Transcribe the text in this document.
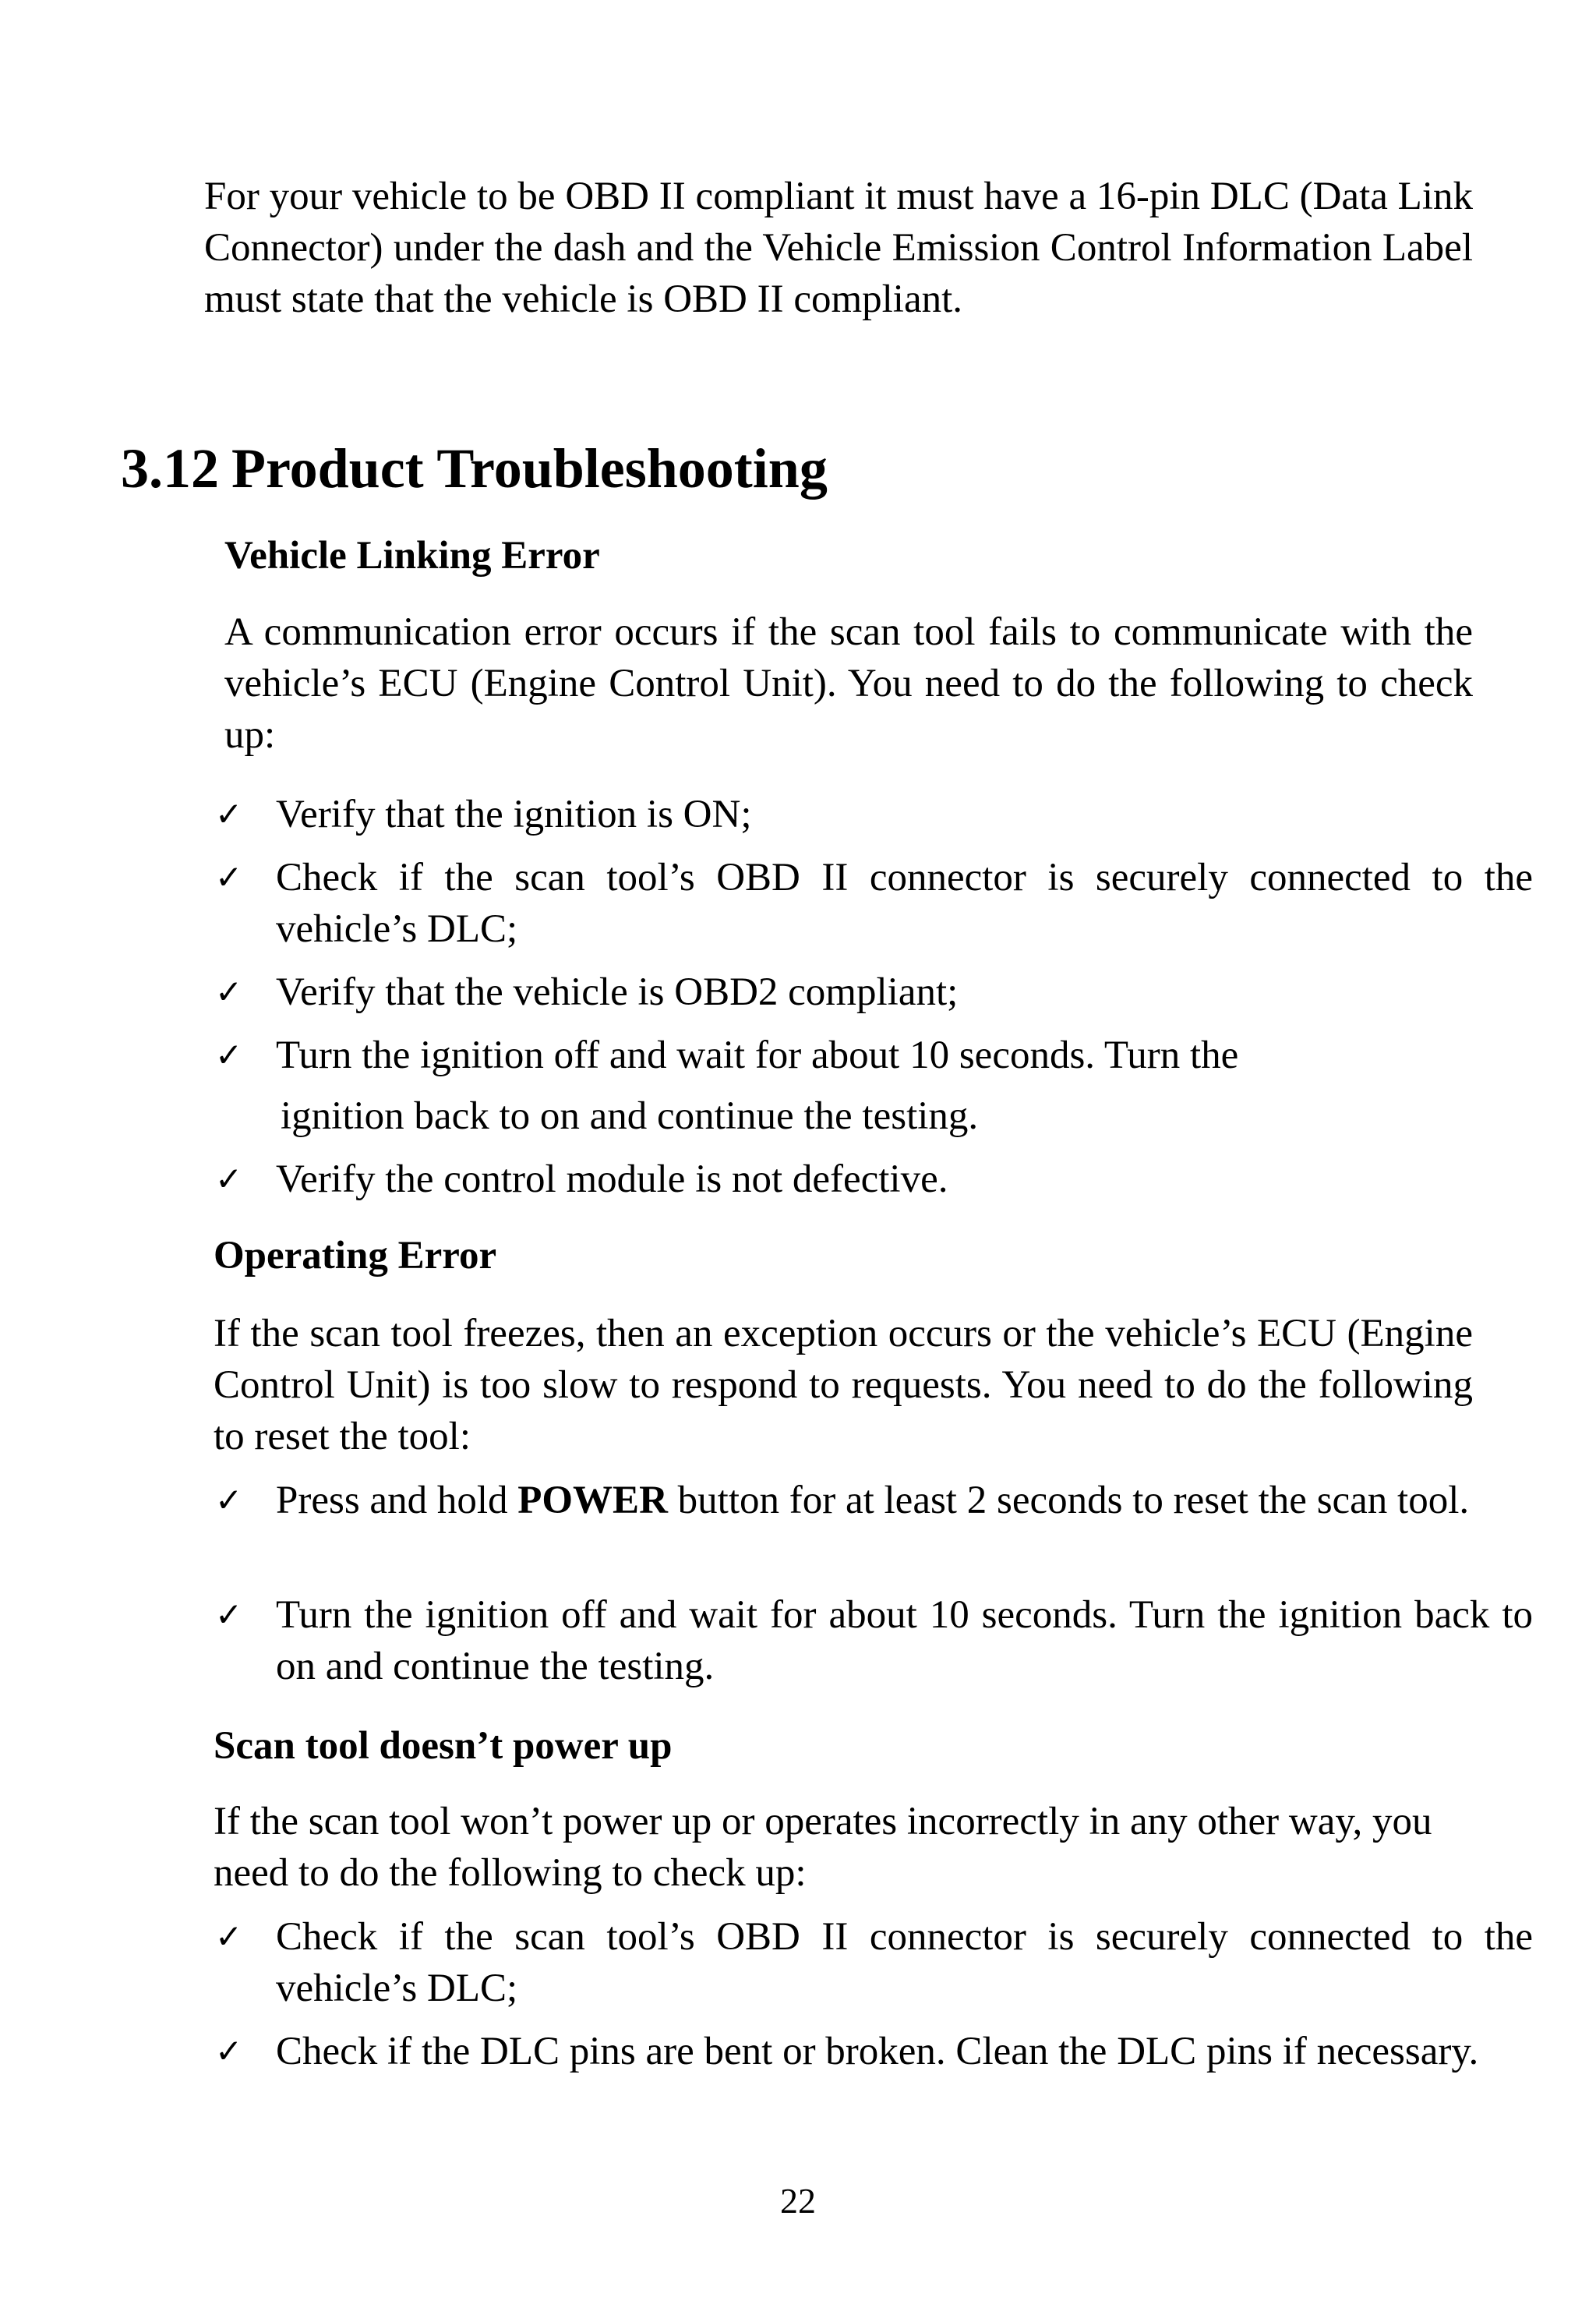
For your vehicle to be OBD II compliant it must have a 16-pin DLC (Data Link Connector) under the dash and the Vehicle Emission Control Information Label must state that the vehicle is OBD II compliant.

3.12 Product Troubleshooting
Vehicle Linking Error

A communication error occurs if the scan tool fails to communicate with the vehicle’s ECU (Engine Control Unit). You need to do the following to check up:

✓ Verify that the ignition is ON;
✓ Check if the scan tool’s OBD II connector is securely connected to the vehicle’s DLC;
✓ Verify that the vehicle is OBD2 compliant;
✓ Turn the ignition off and wait for about 10 seconds. Turn the

ignition back to on and continue the testing.

✓ Verify the control module is not defective.
Operating Error

If the scan tool freezes, then an exception occurs or the vehicle’s ECU (Engine Control Unit) is too slow to respond to requests. You need to do the following to reset the tool:

✓ Press and hold POWER button for at least 2 seconds to reset the scan tool.
✓ Turn the ignition off and wait for about 10 seconds. Turn the ignition back to on and continue the testing.
Scan tool doesn’t power up

If the scan tool won’t power up or operates incorrectly in any other way, you need to do the following to check up:

✓ Check if the scan tool’s OBD II connector is securely connected to the vehicle’s DLC;
✓ Check if the DLC pins are bent or broken. Clean the DLC pins if necessary.
22
